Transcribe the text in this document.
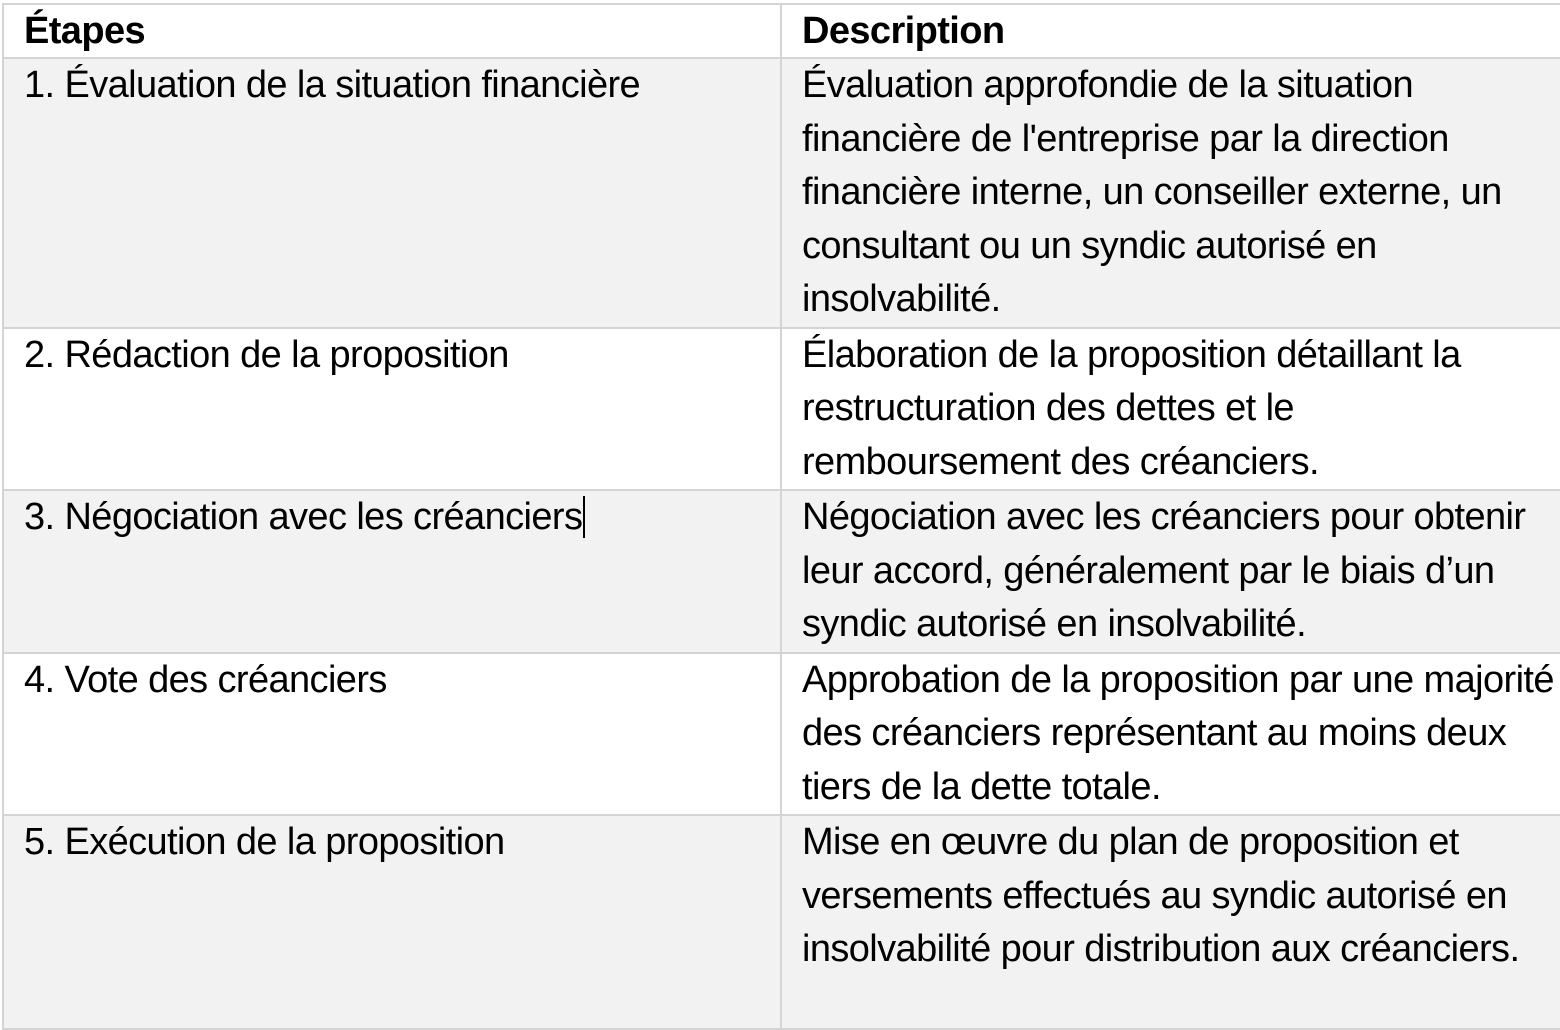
Étapes	Description
1. Évaluation de la situation financière	Évaluation approfondie de la situation financière de l'entreprise par la direction financière interne, un conseiller externe, un consultant ou un syndic autorisé en insolvabilité.
2. Rédaction de la proposition	Élaboration de la proposition détaillant la restructuration des dettes et le remboursement des créanciers.
3. Négociation avec les créanciers	Négociation avec les créanciers pour obtenir leur accord, généralement par le biais d’un syndic autorisé en insolvabilité.
4. Vote des créanciers	Approbation de la proposition par une majorité des créanciers représentant au moins deux tiers de la dette totale.
5. Exécution de la proposition	Mise en œuvre du plan de proposition et versements effectués au syndic autorisé en insolvabilité pour distribution aux créanciers.
